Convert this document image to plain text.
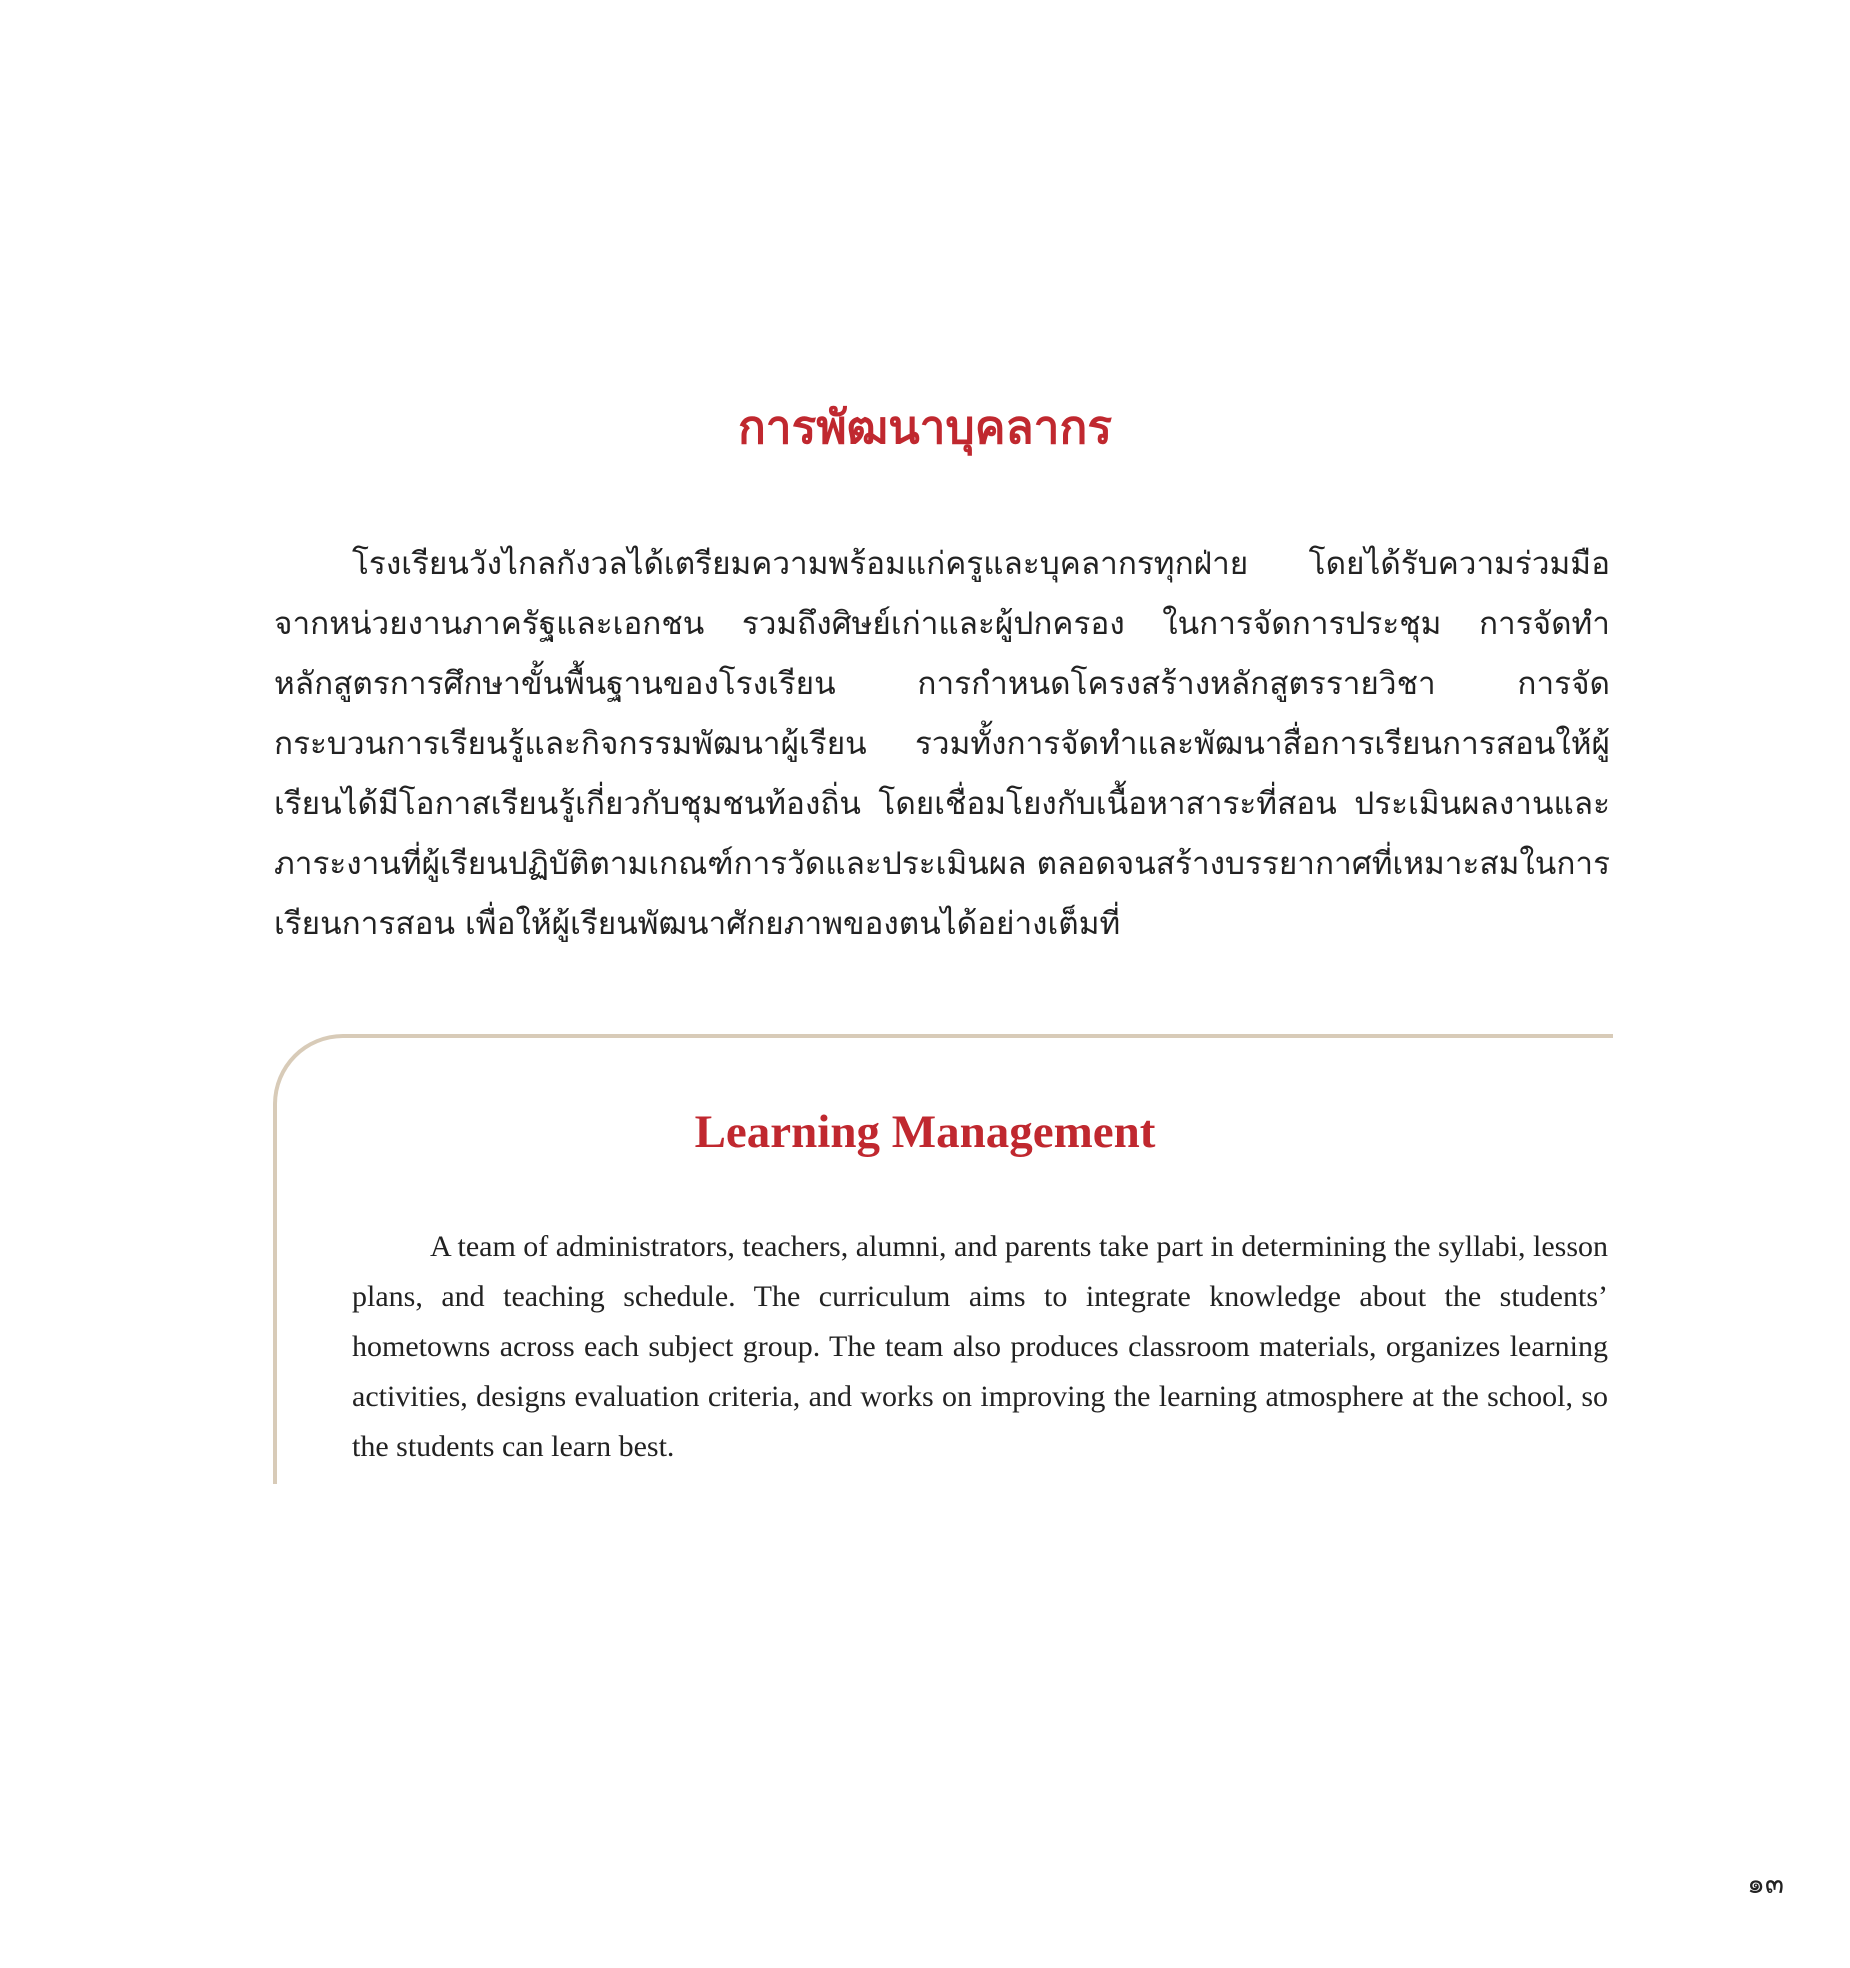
การพัฒนาบุคลากร

โรงเรียนวังไกลกังวลได้เตรียมความพร้อมแก่ครูและบุคลากรทุกฝ่าย โดยได้รับความร่วมมือจากหน่วยงานภาครัฐและเอกชน รวมถึงศิษย์เก่าและผู้ปกครอง ในการจัดการประชุม การจัดทำหลักสูตรการศึกษาขั้นพื้นฐานของโรงเรียน การกำหนดโครงสร้างหลักสูตรรายวิชา การจัดกระบวนการเรียนรู้และกิจกรรมพัฒนาผู้เรียน รวมทั้งการจัดทำและพัฒนาสื่อการเรียนการสอนให้ผู้เรียนได้มีโอกาสเรียนรู้เกี่ยวกับชุมชนท้องถิ่น โดยเชื่อมโยงกับเนื้อหาสาระที่สอน ประเมินผลงานและภาระงานที่ผู้เรียนปฏิบัติตามเกณฑ์การวัดและประเมินผล ตลอดจนสร้างบรรยากาศที่เหมาะสมในการเรียนการสอน เพื่อให้ผู้เรียนพัฒนาศักยภาพของตนได้อย่างเต็มที่

Learning Management

A team of administrators, teachers, alumni, and parents take part in determining the syllabi, lesson plans, and teaching schedule. The curriculum aims to integrate knowledge about the students’ hometowns across each subject group. The team also produces classroom materials, organizes learning activities, designs evaluation criteria, and works on improving the learning atmosphere at the school, so the students can learn best.

๑๓
